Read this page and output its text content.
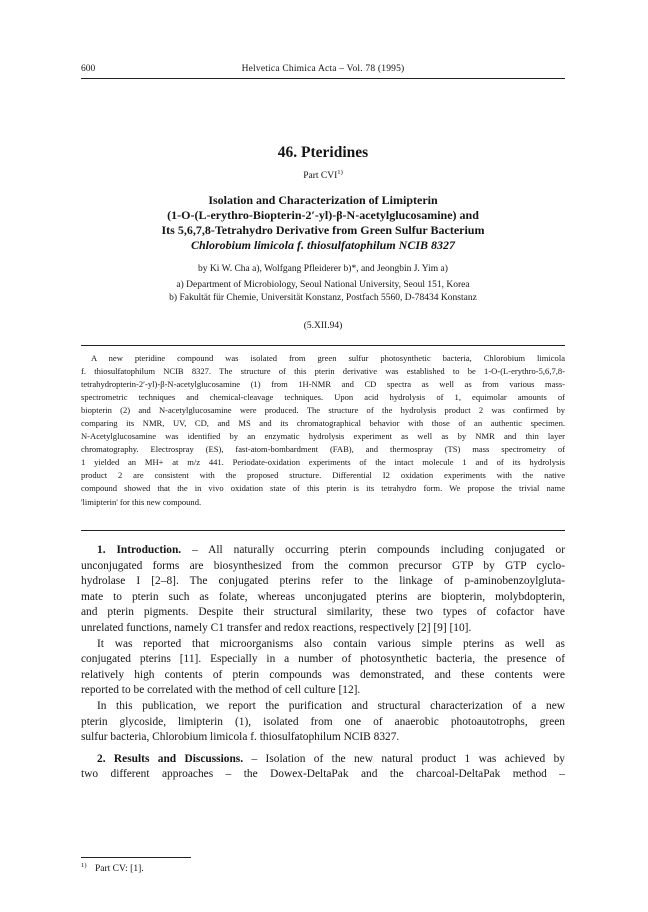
600	Helvetica Chimica Acta – Vol. 78 (1995)
46. Pteridines
Part CVI$^{1)}$
Isolation and Characterization of Limipterin
(1-O-(L-erythro-Biopterin-2′-yl)-β-N-acetylglucosamine) and
Its 5,6,7,8-Tetrahydro Derivative from Green Sulfur Bacterium
Chlorobium limicola f. thiosulfatophilum NCIB 8327
by Ki W. Cha a), Wolfgang Pfleiderer b)*, and Jeongbin J. Yim a)
a) Department of Microbiology, Seoul National University, Seoul 151, Korea
b) Fakultät für Chemie, Universität Konstanz, Postfach 5560, D-78434 Konstanz
(5.XII.94)
A new pteridine compound was isolated from green sulfur photosynthetic bacteria, Chlorobium limicola
f. thiosulfatophilum NCIB 8327. The structure of this pterin derivative was established to be 1-O-(L-erythro-5,6,7,8-
tetrahydropterin-2′-yl)-β-N-acetylglucosamine (1) from 1H-NMR and CD spectra as well as from various mass-
spectrometric techniques and chemical-cleavage techniques. Upon acid hydrolysis of 1, equimolar amounts of
biopterin (2) and N-acetylglucosamine were produced. The structure of the hydrolysis product 2 was confirmed by
comparing its NMR, UV, CD, and MS and its chromatographical behavior with those of an authentic specimen.
N-Acetylglucosamine was identified by an enzymatic hydrolysis experiment as well as by NMR and thin layer
chromatography. Electrospray (ES), fast-atom-bombardment (FAB), and thermospray (TS) mass spectrometry of
1 yielded an MH+ at m/z 441. Periodate-oxidation experiments of the intact molecule 1 and of its hydrolysis
product 2 are consistent with the proposed structure. Differential I2 oxidation experiments with the native
compound showed that the in vivo oxidation state of this pterin is its tetrahydro form. We propose the trivial name
'limipterin' for this new compound.
1. Introduction. – All naturally occurring pterin compounds including conjugated or
unconjugated forms are biosynthesized from the common precursor GTP by GTP cyclo-
hydrolase I [2–8]. The conjugated pterins refer to the linkage of p-aminobenzoylgluta-
mate to pterin such as folate, whereas unconjugated pterins are biopterin, molybdopterin,
and pterin pigments. Despite their structural similarity, these two types of cofactor have
unrelated functions, namely C1 transfer and redox reactions, respectively [2] [9] [10].
It was reported that microorganisms also contain various simple pterins as well as
conjugated pterins [11]. Especially in a number of photosynthetic bacteria, the presence of
relatively high contents of pterin compounds was demonstrated, and these contents were
reported to be correlated with the method of cell culture [12].
In this publication, we report the purification and structural characterization of a new
pterin glycoside, limipterin (1), isolated from one of anaerobic photoautotrophs, green
sulfur bacteria, Chlorobium limicola f. thiosulfatophilum NCIB 8327.
2. Results and Discussions. – Isolation of the new natural product 1 was achieved by
two different approaches – the Dowex-DeltaPak and the charcoal-DeltaPak method –
$^{1)}$ Part CV: [1].
